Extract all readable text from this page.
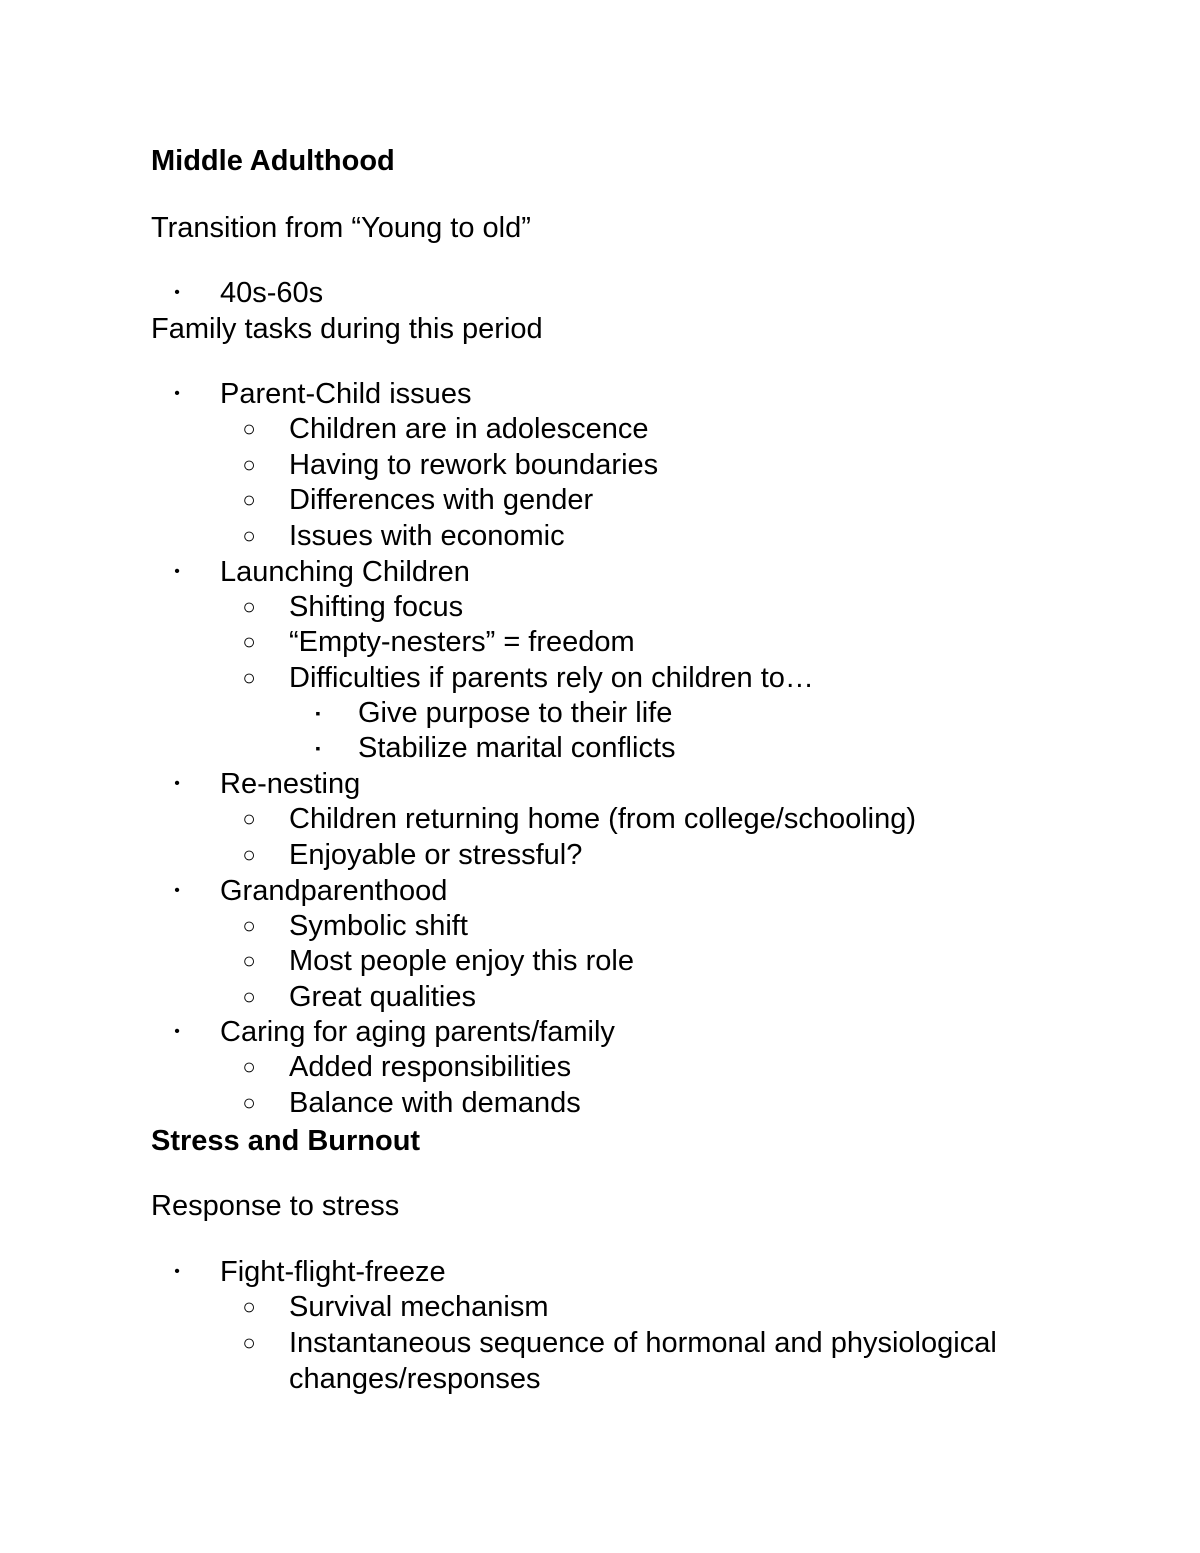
Middle Adulthood
Transition from “Young to old”
•	40s-60s
Family tasks during this period
•	Parent-Child issues
○ Children are in adolescence
○ Having to rework boundaries
○ Differences with gender
○ Issues with economic
•	Launching Children
○ Shifting focus
○ “Empty-nesters” = freedom
○ Difficulties if parents rely on children to…
▪	Give purpose to their life
▪	Stabilize marital conflicts
•	Re-nesting
○ Children returning home (from college/schooling)
○ Enjoyable or stressful?
•	Grandparenthood
○ Symbolic shift
○ Most people enjoy this role
○ Great qualities
•	Caring for aging parents/family
○ Added responsibilities
○ Balance with demands
Stress and Burnout
Response to stress
•	Fight-flight-freeze
○ Survival mechanism
○ Instantaneous sequence of hormonal and physiological
changes/responses
